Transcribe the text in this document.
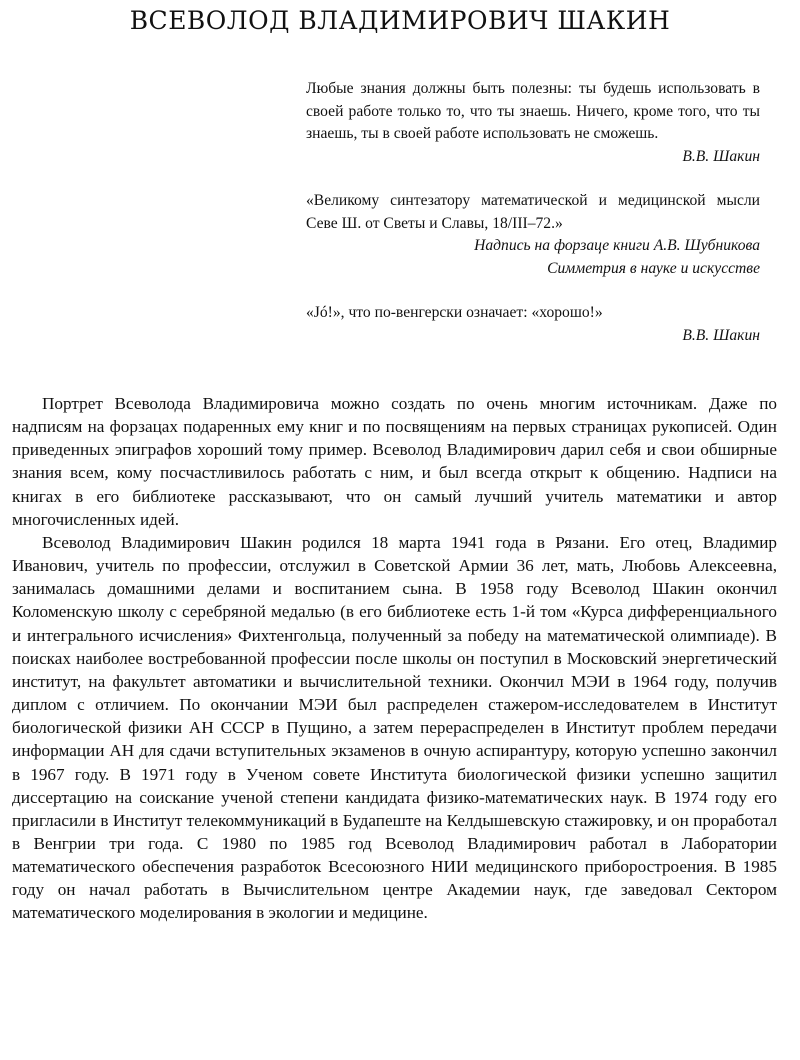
ВСЕВОЛОД ВЛАДИМИРОВИЧ ШАКИН
Любые знания должны быть полезны: ты будешь использовать в своей работе только то, что ты знаешь. Ничего, кроме того, что ты знаешь, ты в своей работе использовать не сможешь.
В.В. Шакин
«Великому синтезатору математической и медицинской мысли Севе Ш. от Светы и Славы, 18/III–72.»
Надпись на форзаце книги А.В. Шубникова
Симметрия в науке и искусстве
«Jó!», что по-венгерски означает: «хорошо!»
В.В. Шакин

Портрет Всеволода Владимировича можно создать по очень многим источникам. Даже по надписям на форзацах подаренных ему книг и по посвящениям на первых страницах рукописей. Один приведенных эпиграфов хороший тому пример. Всеволод Владимирович дарил себя и свои обширные знания всем, кому посчастливилось работать с ним, и был всегда открыт к общению. Надписи на книгах в его библиотеке рассказывают, что он самый лучший учитель математики и автор многочисленных идей.

Всеволод Владимирович Шакин родился 18 марта 1941 года в Рязани. Его отец, Владимир Иванович, учитель по профессии, отслужил в Советской Армии 36 лет, мать, Любовь Алексеевна, занималась домашними делами и воспитанием сына. В 1958 году Всеволод Шакин окончил Коломенскую школу с серебряной медалью (в его библиотеке есть 1-й том «Курса дифференциального и интегрального исчисления» Фихтенгольца, полученный за победу на математической олимпиаде). В поисках наиболее востребованной профессии после школы он поступил в Московский энергетический институт, на факультет автоматики и вычислительной техники. Окончил МЭИ в 1964 году, получив диплом с отличием. По окончании МЭИ был распределен стажером-исследователем в Институт биологической физики АН СССР в Пущино, а затем перераспределен в Институт проблем передачи информации АН для сдачи вступительных экзаменов в очную аспирантуру, которую успешно закончил в 1967 году. В 1971 году в Ученом совете Института биологической физики успешно защитил диссертацию на соискание ученой степени кандидата физико-математических наук. В 1974 году его пригласили в Институт телекоммуникаций в Будапеште на Келдышевскую стажировку, и он проработал в Венгрии три года. С 1980 по 1985 год Всеволод Владимирович работал в Лаборатории математического обеспечения разработок Всесоюзного НИИ медицинского приборостроения. В 1985 году он начал работать в Вычислительном центре Академии наук, где заведовал Сектором математического моделирования в экологии и медицине.
